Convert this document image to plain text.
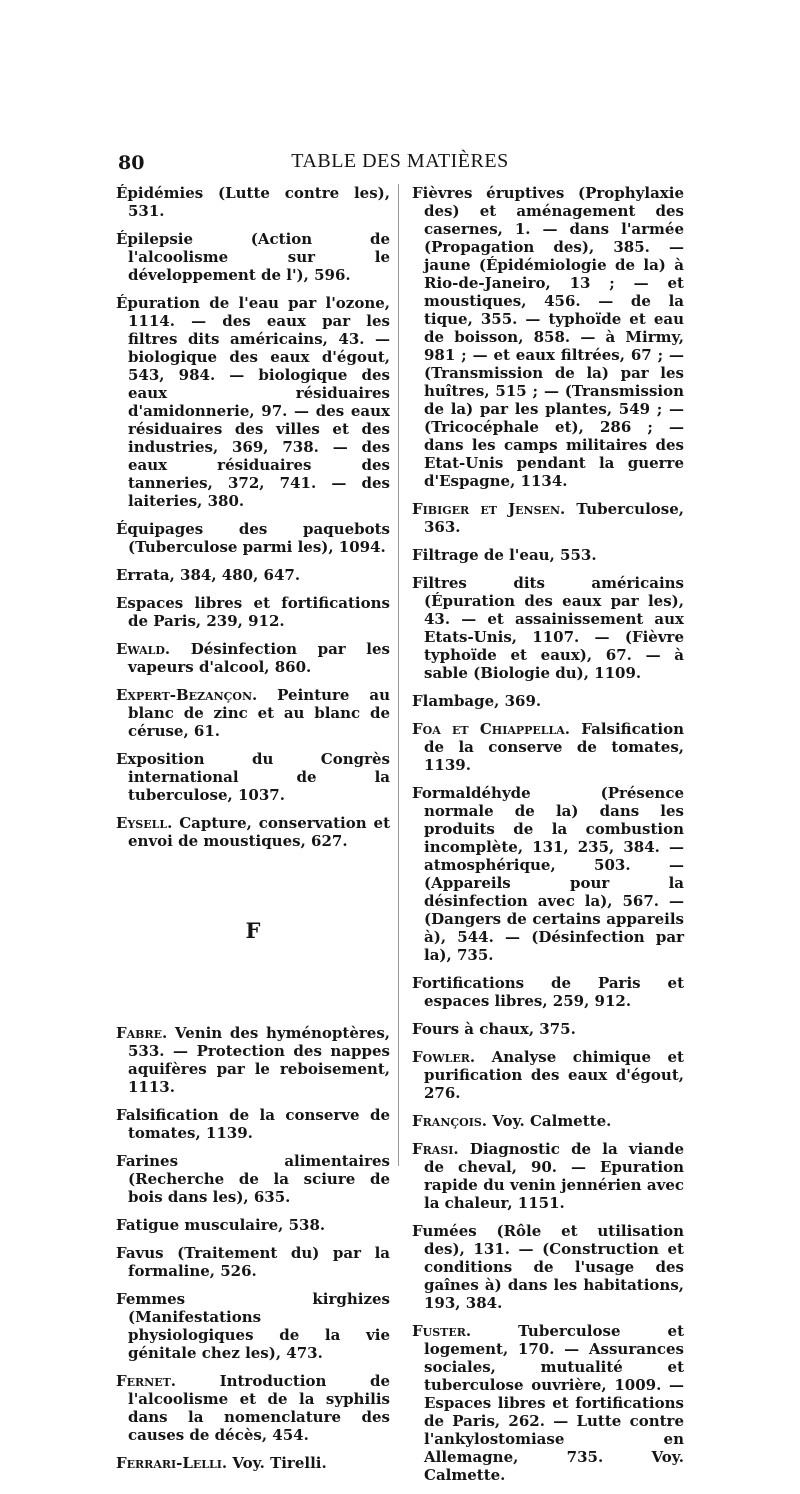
80	TABLE DES MATIÈRES
Épidémies (Lutte contre les), 531.
Épilepsie (Action de l'alcoolisme sur le développement de l'), 596.
Épuration de l'eau par l'ozone, 1114. — des eaux par les filtres dits américains, 43. — biologique des eaux d'égout, 543, 984. — biologique des eaux résiduaires d'amidonnerie, 97. — des eaux résiduaires des villes et des industries, 369, 738. — des eaux résiduaires des tanneries, 372, 741. — des laiteries, 380.
Équipages des paquebots (Tuberculose parmi les), 1094.
Errata, 384, 480, 647.
Espaces libres et fortifications de Paris, 239, 912.
Ewald. Désinfection par les vapeurs d'alcool, 860.
Expert-Bezançon. Peinture au blanc de zinc et au blanc de céruse, 61.
Exposition du Congrès international de la tuberculose, 1037.
Eysell. Capture, conservation et envoi de moustiques, 627.
F
Fabre. Venin des hyménoptères, 533. — Protection des nappes aquifères par le reboisement, 1113.
Falsification de la conserve de tomates, 1139.
Farines alimentaires (Recherche de la sciure de bois dans les), 635.
Fatigue musculaire, 538.
Favus (Traitement du) par la formaline, 526.
Femmes kirghizes (Manifestations physiologiques de la vie génitale chez les), 473.
Fernet. Introduction de l'alcoolisme et de la syphilis dans la nomenclature des causes de décès, 454.
Ferrari-Lelli. Voy. Tirelli.
Fièvres éruptives (Prophylaxie des) et aménagement des casernes, 1. — dans l'armée (Propagation des), 385. — jaune (Épidémiologie de la) à Rio-de-Janeiro, 13 ; — et moustiques, 456. — de la tique, 355. — typhoïde et eau de boisson, 858. — à Mirmy, 981 ; — et eaux filtrées, 67 ; — (Transmission de la) par les huîtres, 515 ; — (Transmission de la) par les plantes, 549 ; — (Tricocéphale et), 286 ; — dans les camps militaires des Etat-Unis pendant la guerre d'Espagne, 1134.
Fibiger et Jensen. Tuberculose, 363.
Filtrage de l'eau, 553.
Filtres dits américains (Épuration des eaux par les), 43. — et assainissement aux Etats-Unis, 1107. — (Fièvre typhoïde et eaux), 67. — à sable (Biologie du), 1109.
Flambage, 369.
Foa et Chiappella. Falsification de la conserve de tomates, 1139.
Formaldéhyde (Présence normale de la) dans les produits de la combustion incomplète, 131, 235, 384. — atmosphérique, 503. — (Appareils pour la désinfection avec la), 567. — (Dangers de certains appareils à), 544. — (Désinfection par la), 735.
Fortifications de Paris et espaces libres, 259, 912.
Fours à chaux, 375.
Fowler. Analyse chimique et purification des eaux d'égout, 276.
François. Voy. Calmette.
Frasi. Diagnostic de la viande de cheval, 90. — Epuration rapide du venin jennérien avec la chaleur, 1151.
Fumées (Rôle et utilisation des), 131. — (Construction et conditions de l'usage des gaînes à) dans les habitations, 193, 384.
Fuster. Tuberculose et logement, 170. — Assurances sociales, mutualité et tuberculose ouvrière, 1009. — Espaces libres et fortifications de Paris, 262. — Lutte contre l'ankylostomiase en Allemagne, 735. Voy. Calmette.
